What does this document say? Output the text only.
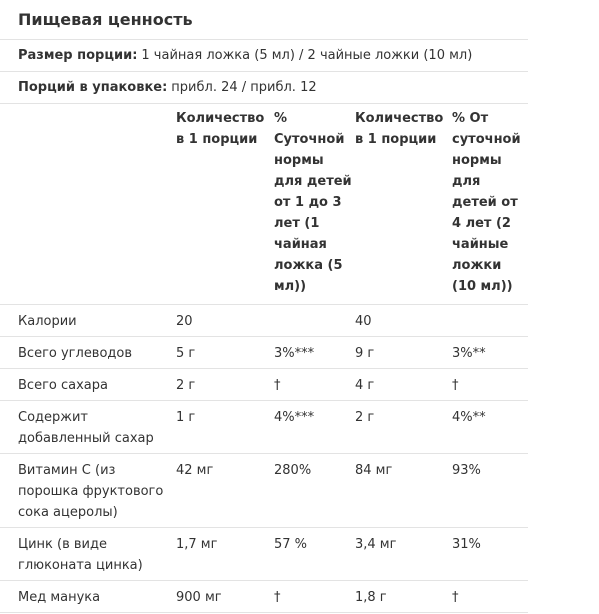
Пищевая ценность
Размер порции: 1 чайная ложка (5 мл) / 2 чайные ложки (10 мл)
Порций в упаковке: прибл. 24 / прибл. 12
	Количество в 1 порции	% Суточной нормы для детей от 1 до 3 лет (1 чайная ложка (5 мл))	Количество в 1 порции	% От суточной нормы для детей от 4 лет (2 чайные ложки (10 мл))
Калории	20		40	
Всего углеводов	5 г	3%***	9 г	3%**
Всего сахара	2 г	†	4 г	†
Содержит добавленный сахар	1 г	4%***	2 г	4%**
Витамин C (из порошка фруктового сока ацеролы)	42 мг	280%	84 мг	93%
Цинк (в виде глюконата цинка)	1,7 мг	57 %	3,4 мг	31%
Мед манука	900 мг	†	1,8 г	†
